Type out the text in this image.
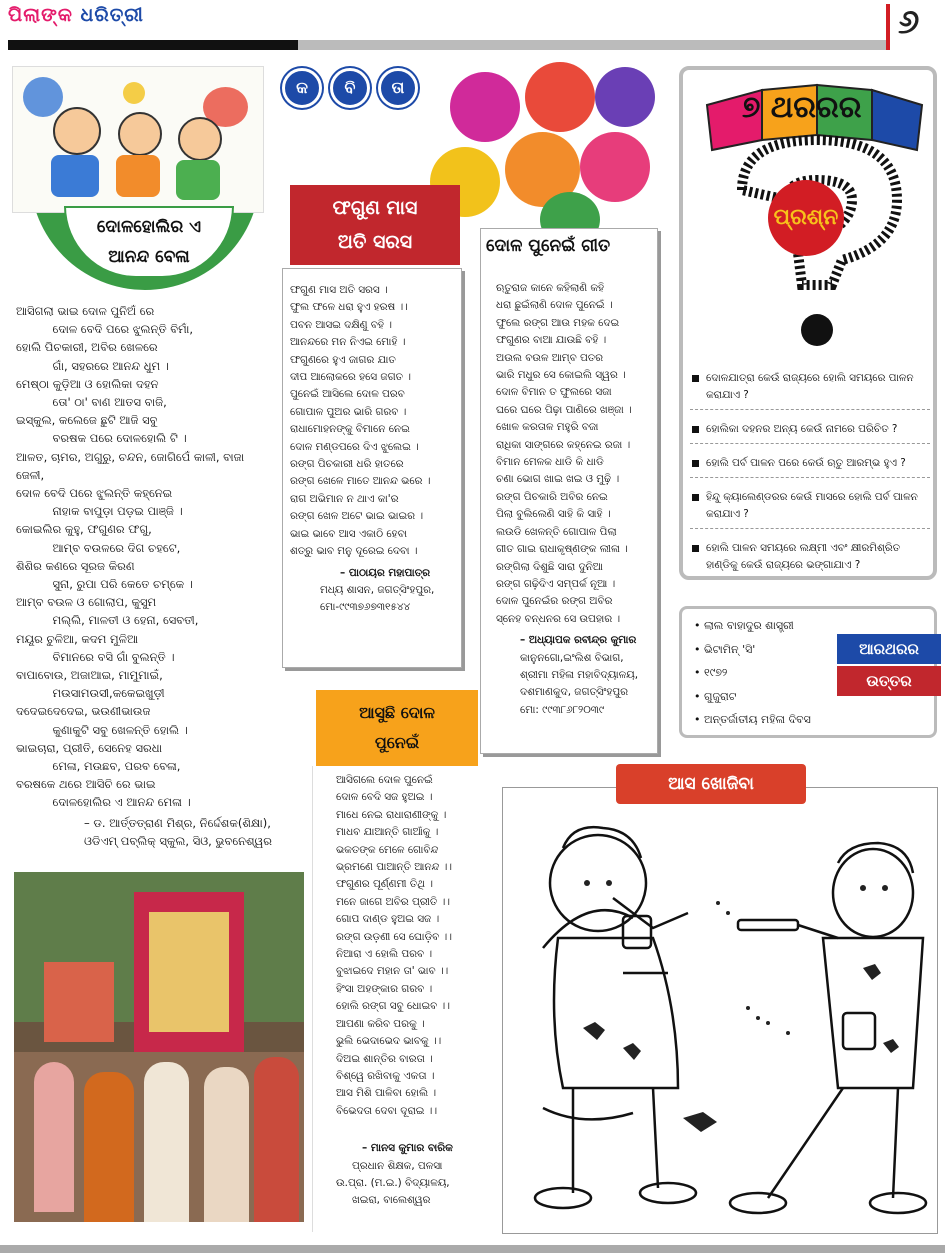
ପିଲାଙ୍କ ଧରିତ୍ରୀ	୬
ଦୋଳହୋଲିର ଏ
ଆନନ୍ଦ ବେଳା
ଆସିଗଲା ଭାଇ ଦୋଳ ପୁନିଅଁ ରେ
ଦୋଳ ବେଦି ପରେ ଝୁଲନ୍ତି ବିମାଁ,
ହୋଲି ପିଚକାରୀ, ଅବିର ଖେଳରେ
ଗାଁ, ସହରରେ ଆନନ୍ଦ ଧୁମ ।
ମେଷ୍ଠା କୁଡ଼ିଆ ଓ ହୋଲିକା ଦହନ
ତୋ' ଠା' ବାଣ ଆତସ ବାଜି,
ଇସ୍କୁଲ, କଲେଜେ ଛୁଟି ଆଜି ସବୁ
ବରଷକ ପରେ ଦୋଳହୋଲି ଟି ।
ଆଳତ, ଚାମର, ଅଗୁରୁ, ଚନ୍ଦନ, ଜୋଗିପେଁ କାଳୀ, ବାଜା
ଜେଳୀ,
ଦୋଳ ବେଦି ପରେ ଝୁଲନ୍ତି କହ୍ନେଇ
ନାହାକ ବାପୁଡ଼ା ପଡ଼ଇ ପାଞ୍ଜି ।
କୋଇଲିର କୁହୁ, ଫଗୁଣର ଫଗୁ,
ଆମ୍ବ ବଉଳରେ ଦିଗ ଚହଟେ,
ଶିଶିର କଣରେ ସୂରଜ କିରଣ
ସୁନା, ରୁପା ପରି କେତେ ଚମ୍‌କେ ।
ଆମ୍ବ ବଉଳ ଓ ଗୋଲାପ, କୁସୁମ
ମଲ୍ଲି, ମାଳତୀ ଓ ହେନା, ସେବତୀ,
ମୟୂର ଚୁଳିଆ, କଦମ ମୁଳିଆ
ବିମାନରେ ବସି ଗାଁ ବୁଲନ୍ତି ।
ବାପାବୋଉ, ଅଜାଆଇ, ମାମୁମାଇଁ,
ମଉସାମଉସୀ,କକେଇଖୁଡ଼ୀ
ଦଦେଇଦେଦେଇ, ଭଉଣୀଭାଉଜ
କୁଣାକୁଟି ସବୁ ଖେଳନ୍ତି ହୋଲି ।
ଭାଇଚାରା, ପ୍ରୀତି, ସେନେହ ସରଧା
ମେଳା, ମଉଛବ, ପରବ ବେଳା,
ବରଷକେ ଥରେ ଆସିଚି ରେ ଭାଇ
ଦୋଳହୋଲିର ଏ ଆନନ୍ଦ ମେଳା ।
– ଡ. ଆର୍ତ୍ତତ୍ରାଣ ମିଶ୍ର, ନିର୍ଦ୍ଦେଶକ(ଶିକ୍ଷା),
ଓଡିଏମ୍ ପବ୍ଲିକ୍ ସ୍କୁଲ, ସିଓ, ଭୁବନେଶ୍ୱର
କ	ବି	ତା
ଫଗୁଣ ମାସ
ଅତି ସରସ
ଫଗୁଣ ମାସ ଅତି ସରସ ।
ଫୁଲ ଫଳେ ଧରା ହୁଏ ହରଷ ।।
ପବନ ଆସଇ ଦକ୍ଷିଣୁ ବହି ।
ଆନନ୍ଦରେ ମନ ନିଏଇ ମୋହି ।
ଫଗୁଣରେ ହୁଏ ଜାଗର ଯାତ
ଦୀପ ଆଲୋକରେ ହସେ ଜଗତ ।
ପୁନେଇଁ ଆସିଲେ ଦୋଳ ପରବ
ଗୋପାଳ ପୁଅର ଭାରି ଗରବ ।
ରାଧାମୋହନଙ୍କୁ ବିମାନେ ନେଇ
ଦୋଳ ମଣ୍ଡପରେ ଦିଏ ଝୁଲେଇ ।
ରଙ୍ଗ ପିଚକାରୀ ଧରି ହାତରେ
ରଙ୍ଗ ଖେଳେ ମାତେ ଆନନ୍ଦ ଭରେ ।
ରାଗ ଅଭିମାନ ନ ଥାଏ କା'ର
ରଙ୍ଗ ଖେଳ ଅଟେ ଭାଇ ଭାଇର ।
ଭାଇ ଭାବେ ଆସ ଏକାଠି ହେବା
ଶତ୍ରୁ ଭାବ ମନୁ ଦୂରେଇ ଦେବା ।
– ପାଠାୟର ମହାପାତ୍ର
ମଧ୍ୟ ଶାସନ, ଜଗତ୍‌ସିଂହପୁର,
ମୋ-୯୯୩୭୬୭୩୧୫୪୪
ଦୋଳ ପୁନେଇଁ ଗୀତ
ଋତୁରାଜ କାନେ କହିଲାଣି କହି
ଧରା ଛୁଇଁଲାଣି ଦୋଳ ପୁନେଇଁ ।
ଫୁଲେ ରଙ୍ଗ ଆଉ ମହକ ଦେଇ
ଫଗୁଣର ବାଆ ଯାଉଛି ବହି ।
ଅଉଲ ବଉଳ ଆମ୍ବ ପତର
ଭାରି ମଧୁର ସେ କୋଇଲି ସ୍ୱର ।
ଦୋଳ ବିମାନ ତ ଫୁଲରେ ସଜା
ଘରେ ଘରେ ପିଢ଼ା ପାଣିରେ ଖଞ୍ଜା ।
ଖୋଳ କରତାଳ ମହୁରି ବଜା
ରାଧିକା ସାଙ୍ଗରେ କହ୍ନେଇ ରଜା ।
ବିମାନ ମେଳକ ଧାଡି କି ଧାଡି
ଚଣା ଭୋଗ ଖାଇ ଖଇ ଓ ମୁଢ଼ି ।
ରଙ୍ଗ ପିଚକାରି ଅବିର ନେଇ
ପିଲା ବୁଲିଲେଣି ସାହି କି ସାହି ।
ଲଉଡି ଖେଳନ୍ତି ଗୋପାଳ ପିଲା
ଗୀତ ଗାଇ ରାଧାକୃଷ୍ଣଙ୍କ ଲୀଳା ।
ରଙ୍ଗିଲା ଦିଶୁଛି ସାରା ଦୁନିଆ
ରଙ୍ଗ ଗଢ଼ିଦିଏ ସମ୍ପର୍କ ନୂଆ ।
ଦୋଳ ପୁନେଇଁର ରଙ୍ଗ ଅବିର
ସ୍ନେହ ବନ୍ଧନର ସେ ଉପହାର ।
– ଅଧ୍ୟାପକ ରବୀନ୍ଦ୍ର କୁମାର
କାନୁନଗୋ,ଇଂଲିଶ ବିଭାଗ,
ଶ୍ରୀମା ମହିଳା ମହାବିଦ୍ୟାଳୟ,
ଦଶମାଣକୁଦ, ଜଗତ୍‌ସିଂହପୁର
ମୋ: ୯୯୩୮୬୮୨୦୩୯
୭ ଥରରର
ପ୍ରଶ୍ନ
ଦୋଳଯାତ୍ରା କେଉଁ ରାଜ୍ୟରେ ହୋଲି ସମୟରେ ପାଳନ କରାଯାଏ ?
ହୋଲିକା ଦହନର ଅନ୍ୟ କେଉଁ ନାମରେ ପରିଚିତ ?
ହୋଲି ପର୍ବ ପାଳନ ପରେ କେଉଁ ଋତୁ ଆରମ୍ଭ ହୁଏ ?
ହିନ୍ଦୁ କ୍ୟାଲେଣ୍ଡରର କେଉଁ ମାସରେ ହୋଲି ପର୍ବ ପାଳନ କରାଯାଏ ?
ହୋଲି ପାଳନ ସମୟରେ ଲକ୍ଷ୍ମୀ ଏବଂ କ୍ଷୀରମିଶ୍ରିତ ହାଣ୍ଡିକୁ କେଉଁ ରାଜ୍ୟରେ ଭଙ୍ଗାଯାଏ ?
• ଲାଲ ବାହାଦୁର ଶାସ୍ତ୍ରୀ
• ଭିଟାମିନ୍ 'ସି'
• ୧୯୭୨
• ଗୁଜୁରାଟ
• ଅନ୍ତର୍ଜାତୀୟ ମହିଳା ଦିବସ
ଆରଥରର
ଉତ୍ତର
ଆସୁଛି ଦୋଳ
ପୁନେଇଁ
ଆସିଗଲେ ଦୋଳ ପୁନେଇଁ
ଦୋଳ ବେଦି ସଜ ହୁଅଇ ।
ମାଧେ ନେଇ ରାଧାରାଣୀଙ୍କୁ ।
ମାଧବ ଯାଆନ୍ତି ଗାଆଁକୁ ।
ଭକତଙ୍କ ମେଳେ ଗୋବିନ୍ଦ
ଭ୍ରମଣେ ପାଆନ୍ତି ଆନନ୍ଦ ।।
ଫଗୁଣର ପୂର୍ଣ୍ଣମୀ ତିଥି ।
ମନେ ଜାଗେ ଅବିର ପ୍ରୀତି ।।
ଗୋପ ଦାଣ୍ଡ ହୁଅଇ ସଜ ।
ରଙ୍ଗ ଉଡ଼ଣୀ ସେ ଘୋଡ଼ିବ ।।
ନିଆରା ଏ ହୋଲି ପରବ ।
ବୁଝାଇଦେ ମହାନ ତା' ଭାବ ।।
ହିଂସା ଅହଙ୍କାର ଗରବ ।
ହୋଲି ରଙ୍ଗ ସବୁ ଧୋଇବ ।।
ଆପଣା କରିବ ପରକୁ ।
ଭୁଲି ଭେଦାଭେଦ ଭାବକୁ ।।
ଦିଅଇ ଶାନ୍ତିର ବାରତା ।
ବିଶ୍ୱେ ରଖିବାକୁ ଏକତା ।
ଆସ ମିଶି ପାଳିବା ହୋଲି ।
ବିଭେଦତା ଦେବା ଦୂରାଇ ।।
– ମାନସ କୁମାର ବାରିକ
ପ୍ରଧାନ ଶିକ୍ଷକ, ପଳସା
ଉ.ପ୍ରା. (ମ.ଇ.) ବିଦ୍ୟାଳୟ,
ଖଇରା, ବାଲେଶ୍ୱର
ଆସ ଖୋଜିବା
